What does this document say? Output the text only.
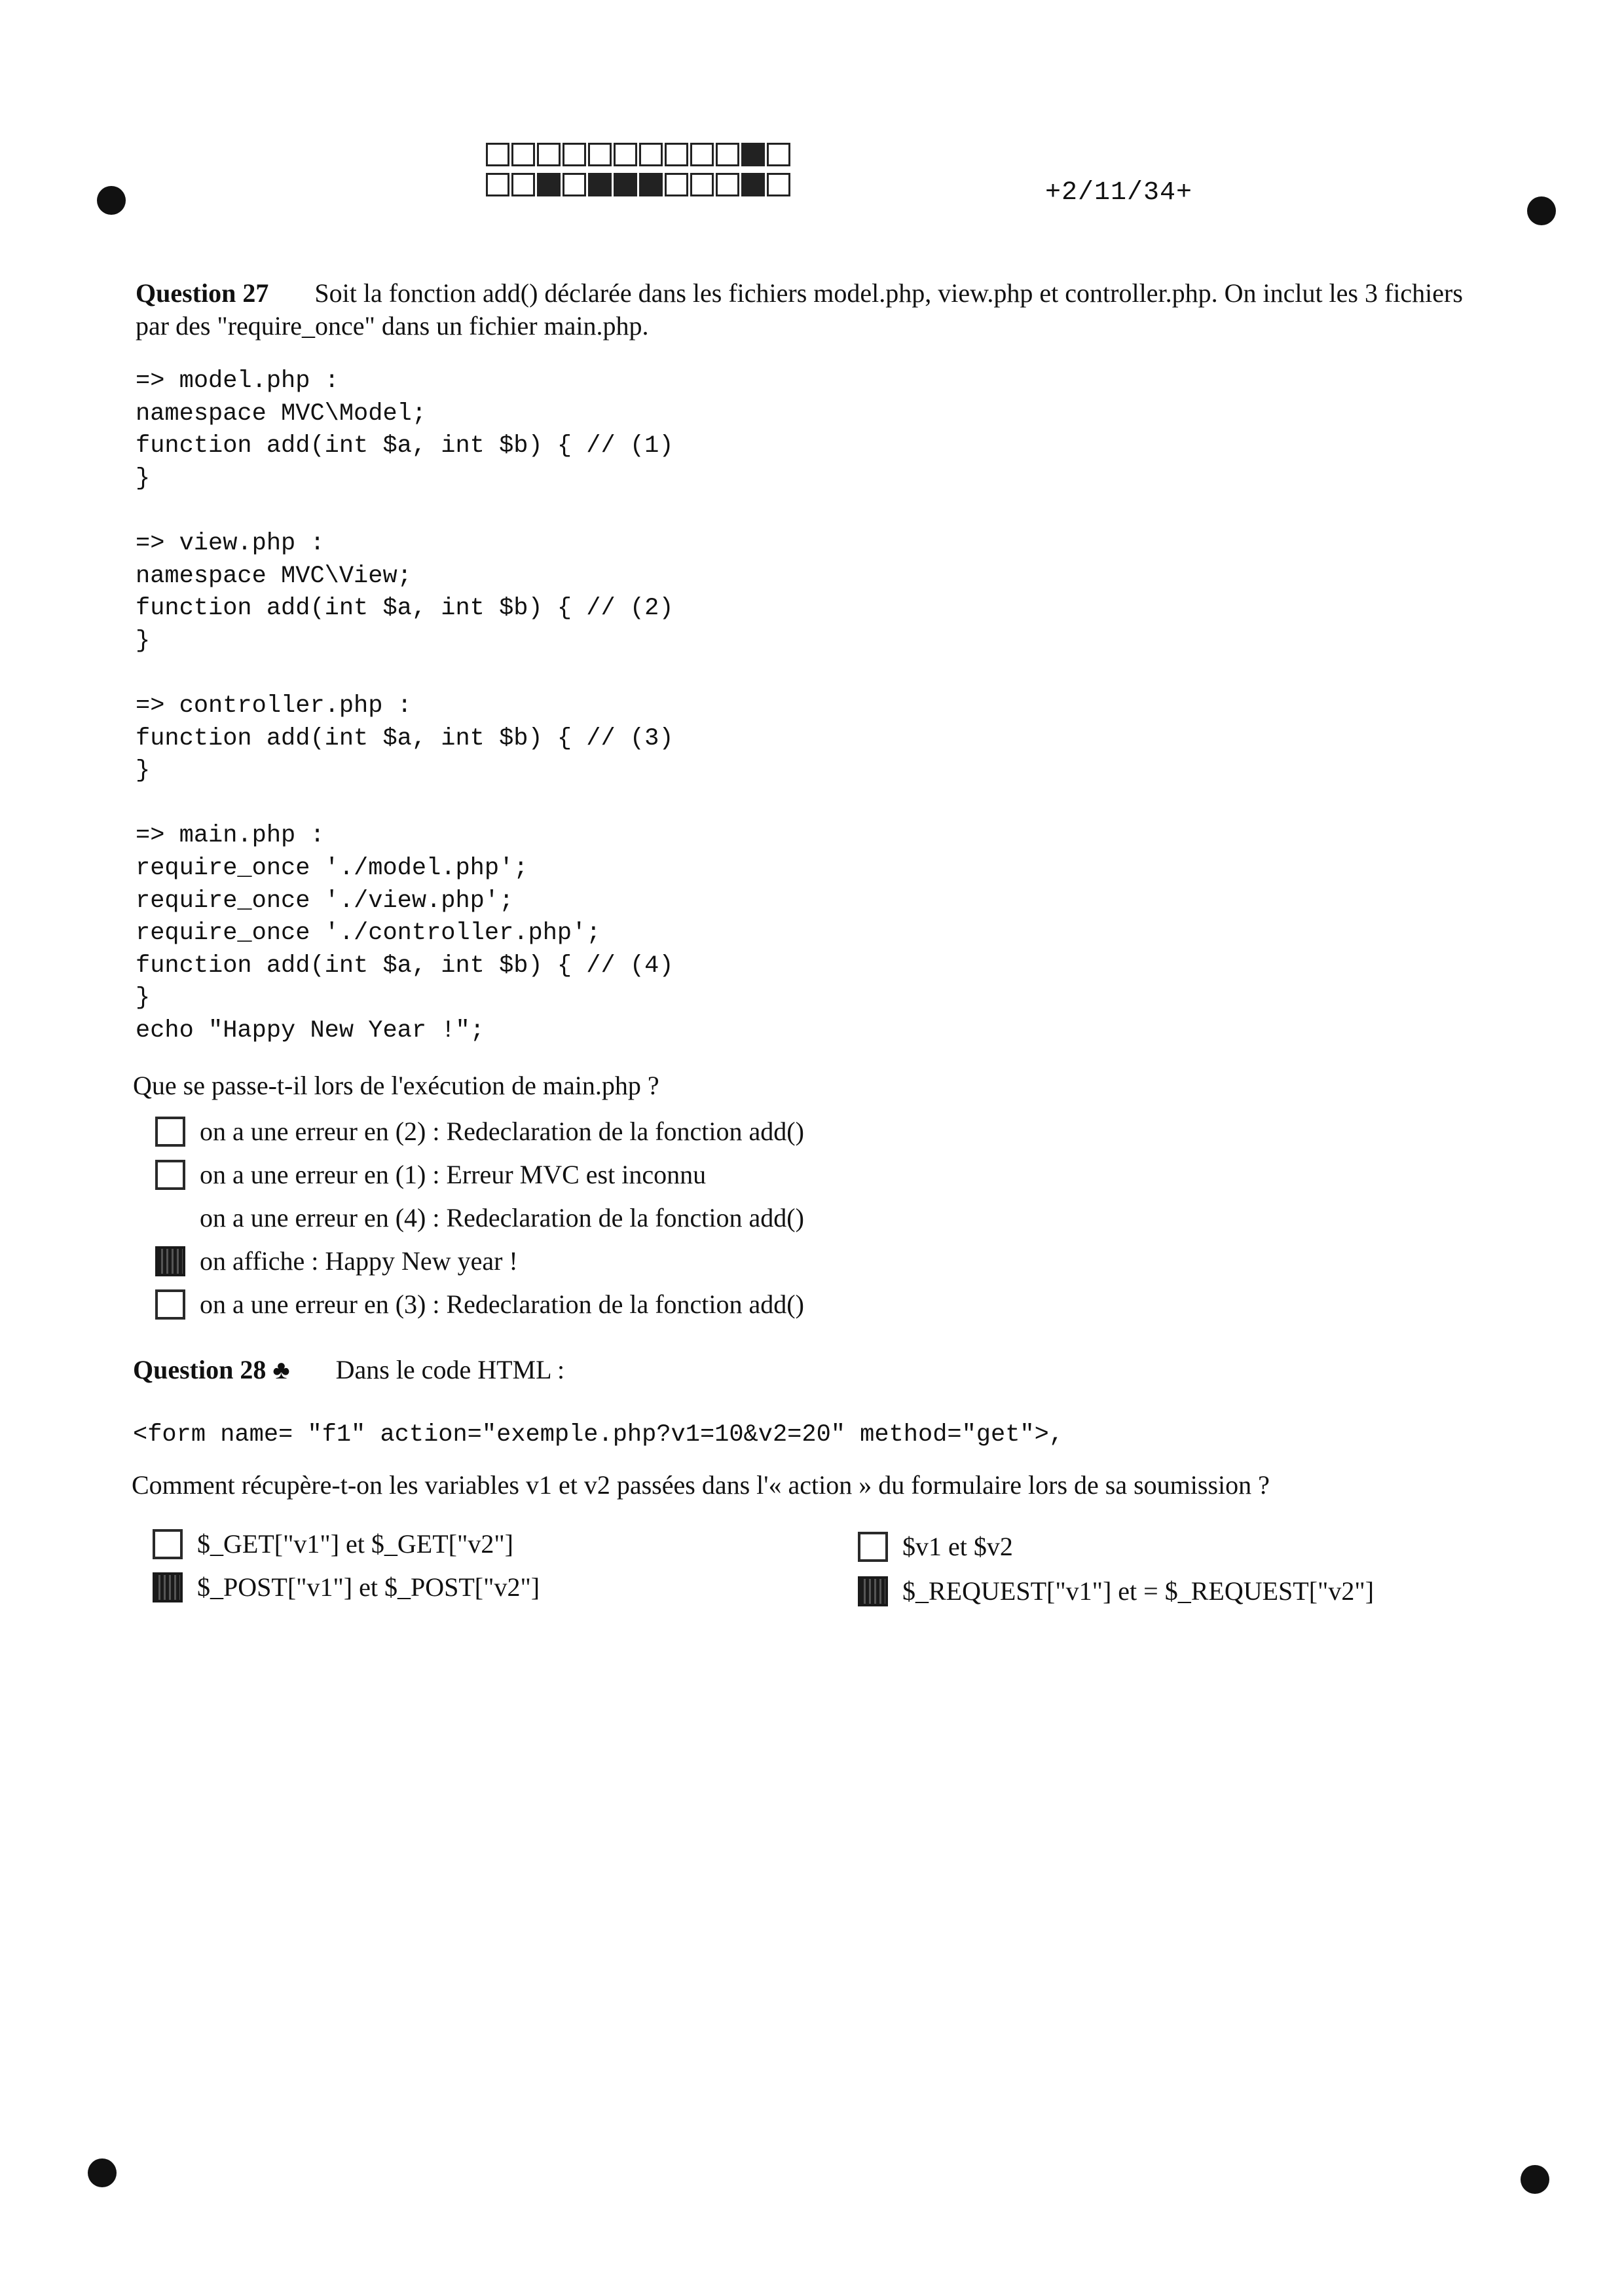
+2/11/34+
Question 27 Soit la fonction add() déclarée dans les fichiers model.php, view.php et controller.php. On inclut les 3 fichiers
par des "require_once" dans un fichier main.php.
=> model.php :
namespace MVC\Model;
function add(int $a, int $b) { // (1)
}
=> view.php :
namespace MVC\View;
function add(int $a, int $b) { // (2)
}
=> controller.php :
function add(int $a, int $b) { // (3)
}
=> main.php :
require_once './model.php';
require_once './view.php';
require_once './controller.php';
function add(int $a, int $b) { // (4)
}
echo "Happy New Year !";
Que se passe-t-il lors de l'exécution de main.php ?
on a une erreur en (2) : Redeclaration de la fonction add()
on a une erreur en (1) : Erreur MVC est inconnu
on a une erreur en (4) : Redeclaration de la fonction add()
on affiche : Happy New year !
on a une erreur en (3) : Redeclaration de la fonction add()
Question 28 ♣ Dans le code HTML :
<form name= "f1" action="exemple.php?v1=10&v2=20" method="get">,
Comment récupère-t-on les variables v1 et v2 passées dans l'« action » du formulaire lors de sa soumission ?
$_GET["v1"] et $_GET["v2"]	$v1 et $v2
$_POST["v1"] et $_POST["v2"]	$_REQUEST["v1"] et = $_REQUEST["v2"]
